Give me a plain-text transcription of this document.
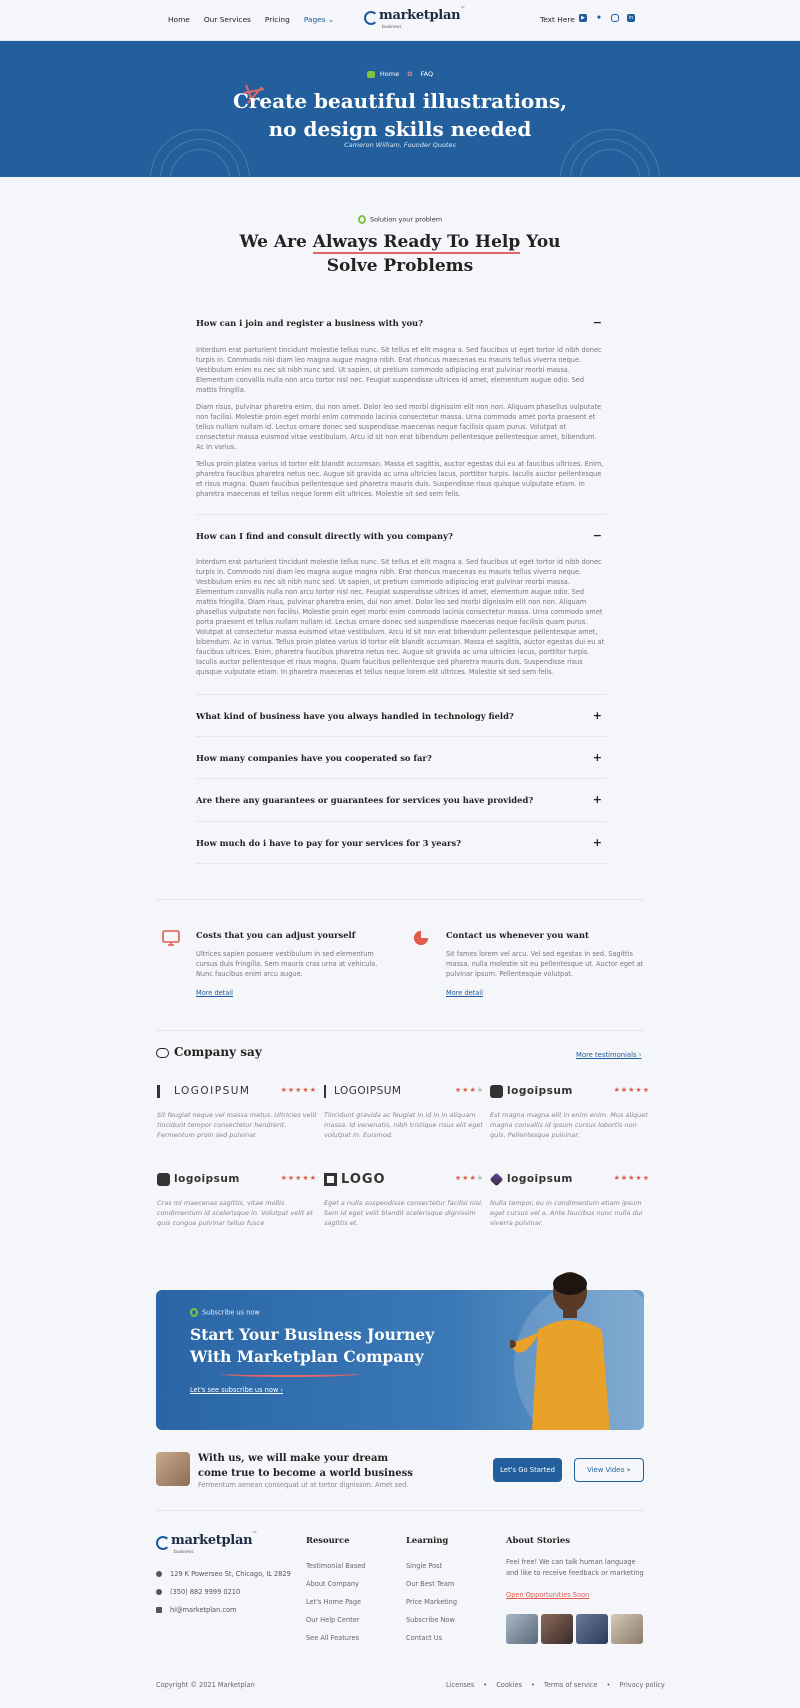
Home Our Services Pricing Pages ⌄	marketplan ™
business
Text Here	▶ ✦	in
Home ✿ FAQ
Create beautiful illustrations,
no design skills needed
Cameron William, Founder Quotes
Solution your problem
We Are Always Ready To Help You
Solve Problems
How can i join and register a business with you?	−

Interdum erat parturient tincidunt molestie tellus nunc. Sit tellus et elit magna a. Sed faucibus ut eget tortor id nibh donec turpis in. Commodo nisi diam leo magna augue magna nibh. Erat rhoncus maecenas eu mauris tellus viverra neque. Vestibulum enim eu nec sit nibh nunc sed. Ut sapien, ut pretium commodo adipiscing erat pulvinar morbi massa. Elementum convallis nulla non arcu tortor nisl nec. Feugiat suspendisse ultrices id amet, elementum augue odio. Sed mattis fringilla.

Diam risus, pulvinar pharetra enim, dui non amet. Dolor leo sed morbi dignissim elit non non. Aliquam phasellus vulputate non facilisi. Molestie proin eget morbi enim commodo lacinia consectetur massa. Urna commodo amet porta praesent et tellus nullam nullam id. Lectus ornare donec sed suspendisse maecenas neque facilisis quam purus. Volutpat at consectetur massa euismod vitae vestibulum. Arcu id sit non erat bibendum pellentesque pellentesque amet, bibendum. Ac in varius.

Tellus proin platea varius id tortor elit blandit accumsan. Massa et sagittis, auctor egestas dui eu at faucibus ultrices. Enim, pharetra faucibus pharetra netus nec. Augue sit gravida ac urna ultricies lacus, porttitor turpis. Iaculis auctor pellentesque et risus magna. Quam faucibus pellentesque sed pharetra mauris duis. Suspendisse risus quisque vulputate etiam. In pharetra maecenas et tellus neque lorem elit ultrices. Molestie sit sed sem felis.

How can I find and consult directly with you company?	−

Interdum erat parturient tincidunt molestie tellus nunc. Sit tellus et elit magna a. Sed faucibus ut eget tortor id nibh donec turpis in. Commodo nisi diam leo magna augue magna nibh. Erat rhoncus maecenas eu mauris tellus viverra neque. Vestibulum enim eu nec sit nibh nunc sed. Ut sapien, ut pretium commodo adipiscing erat pulvinar morbi massa. Elementum convallis nulla non arcu tortor nisl nec. Feugiat suspendisse ultrices id amet, elementum augue odio. Sed mattis fringilla. Diam risus, pulvinar pharetra enim, dui non amet. Dolor leo sed morbi dignissim elit non non. Aliquam phasellus vulputate non facilisi. Molestie proin eget morbi enim commodo lacinia consectetur massa. Urna commodo amet porta praesent et tellus nullam nullam id. Lectus ornare donec sed suspendisse maecenas neque facilisis quam purus. Volutpat at consectetur massa euismod vitae vestibulum. Arcu id sit non erat bibendum pellentesque pellentesque amet, bibendum. Ac in varius. Tellus proin platea varius id tortor elit blandit accumsan. Massa et sagittis, auctor egestas dui eu at faucibus ultrices. Enim, pharetra faucibus pharetra netus nec. Augue sit gravida ac urna ultricies lacus, porttitor turpis. Iaculis auctor pellentesque et risus magna. Quam faucibus pellentesque sed pharetra mauris duis. Suspendisse risus quisque vulputate etiam. In pharetra maecenas et tellus neque lorem elit ultrices. Molestie sit sed sem felis.

What kind of business have you always handled in technology field?	+
How many companies have you cooperated so far?	+
Are there any guarantees or guarantees for services you have provided?	+
How much do i have to pay for your services for 3 years?	+
Costs that you can adjust yourself

Ultrices sapien posuere vestibulum in sed elementum cursus duis fringilla. Sem mauris cras urna at vehicula. Nunc faucibus enim arcu augue.

More detail
Contact us whenever you want

Sit fames lorem vel arcu. Vel sed egestas in sed. Sagittis massa, nulla molestie sit eu pellentesque ut. Auctor eget at pulvinar ipsum. Pellentesque volutpat.

More detail
Company say	More testimonials ›
LOGOIPSUM	★★★★★

Sit feugiat neque vel massa metus. Ultricies velit tincidunt tempor consectetur hendrerit. Fermentum proin sed pulvinar.

LOGOIPSUM	★★★★

Tincidunt gravida ac feugiat in id in in aliquam massa. Id venenatis, nibh tristique risus elit eget volutpat in. Euismod.

logoipsum	★★★★★

Est magna magna elit in enim enim. Mus aliquet magna convallis id ipsum cursus lobortis non quis. Pellentesque pulvinar.

logoipsum	★★★★★

Cras mi maecenas sagittis, vitae mollis condimentum id scelerisque in. Volutpat velit et quis congue pulvinar tellus fusce

LOGO	★★★★

Eget a nulla suspendisse consectetur facilisi nisi. Sem id eget velit blandit scelerisque dignissim sagittis et.

logoipsum	★★★★★

Nulla tempor, eu in condimentum etiam ipsum eget cursus vel a. Ante faucibus nunc nulla dui viverra pulvinar.

Subscribe us now
Start Your Business Journey
With Marketplan Company
Let's see subscribe us now ›
With us, we will make your dream
come true to become a world business
Fermentum aenean consequat ut at tortor dignissim. Amet sed.
Let's Go Started	View Video »
marketplan ™
business
129 K Powerseo St, Chicago, IL 2829
(350) 882 9999 0210
hi@marketplan.com
Resource
Testimonial Based
About Company
Let's Home Page
Our Help Center
See All Features
Learning
Single Post
Our Best Team
Price Marketing
Subscribe Now
Contact Us
About Stories

Feel free! We can talk human language and like to receive feedback or marketing

Open Opportunities Soon
Copyright © 2021 Marketplan	Licenses • Cookies • Terms of service • Privacy policy
